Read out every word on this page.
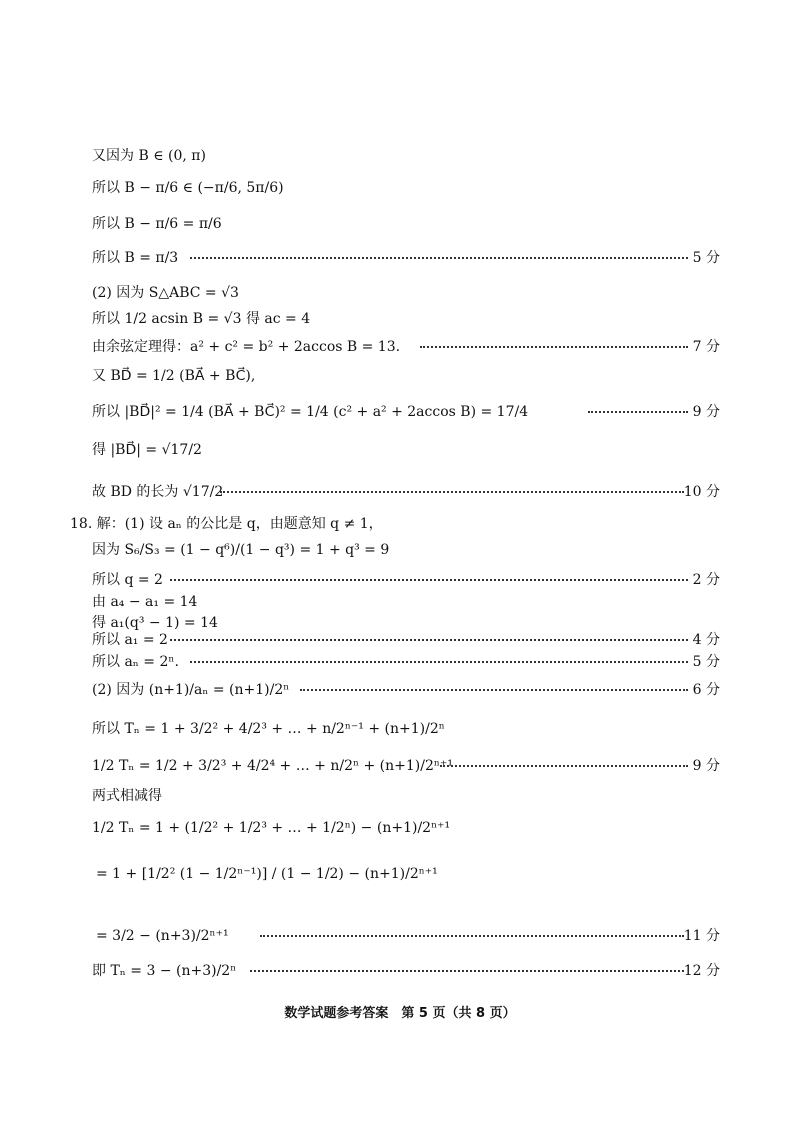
又因为 B ∈ (0, π)
所以 B − π/6 ∈ (−π/6, 5π/6)
所以 B − π/6 = π/6
所以 B = π/3	5 分
(2) 因为 S△ABC = √3
所以 1/2 acsin B = √3 得 ac = 4
由余弦定理得：a² + c² = b² + 2accos B = 13.	7 分
又 BD⃗ = 1/2 (BA⃗ + BC⃗),
所以 |BD⃗|² = 1/4 (BA⃗ + BC⃗)² = 1/4 (c² + a² + 2accos B) = 17/4	9 分
得 |BD⃗| = √17/2
故 BD 的长为 √17/2	10 分
18. 解：(1) 设 aₙ 的公比是 q，由题意知 q ≠ 1，
因为 S₆/S₃ = (1 − q⁶)/(1 − q³) = 1 + q³ = 9
所以 q = 2	2 分
由 a₄ − a₁ = 14
得 a₁(q³ − 1) = 14
所以 a₁ = 2	4 分
所以 aₙ = 2ⁿ.	5 分
(2) 因为 (n+1)/aₙ = (n+1)/2ⁿ	6 分
所以 Tₙ = 1 + 3/2² + 4/2³ + … + n/2ⁿ⁻¹ + (n+1)/2ⁿ
1/2 Tₙ = 1/2 + 3/2³ + 4/2⁴ + … + n/2ⁿ + (n+1)/2ⁿ⁺¹	9 分
两式相减得
1/2 Tₙ = 1 + (1/2² + 1/2³ + … + 1/2ⁿ) − (n+1)/2ⁿ⁺¹
= 1 + [1/2² (1 − 1/2ⁿ⁻¹)] / (1 − 1/2) − (n+1)/2ⁿ⁺¹
= 3/2 − (n+3)/2ⁿ⁺¹	11 分
即 Tₙ = 3 − (n+3)/2ⁿ	12 分
数学试题参考答案　第 5 页（共 8 页）
